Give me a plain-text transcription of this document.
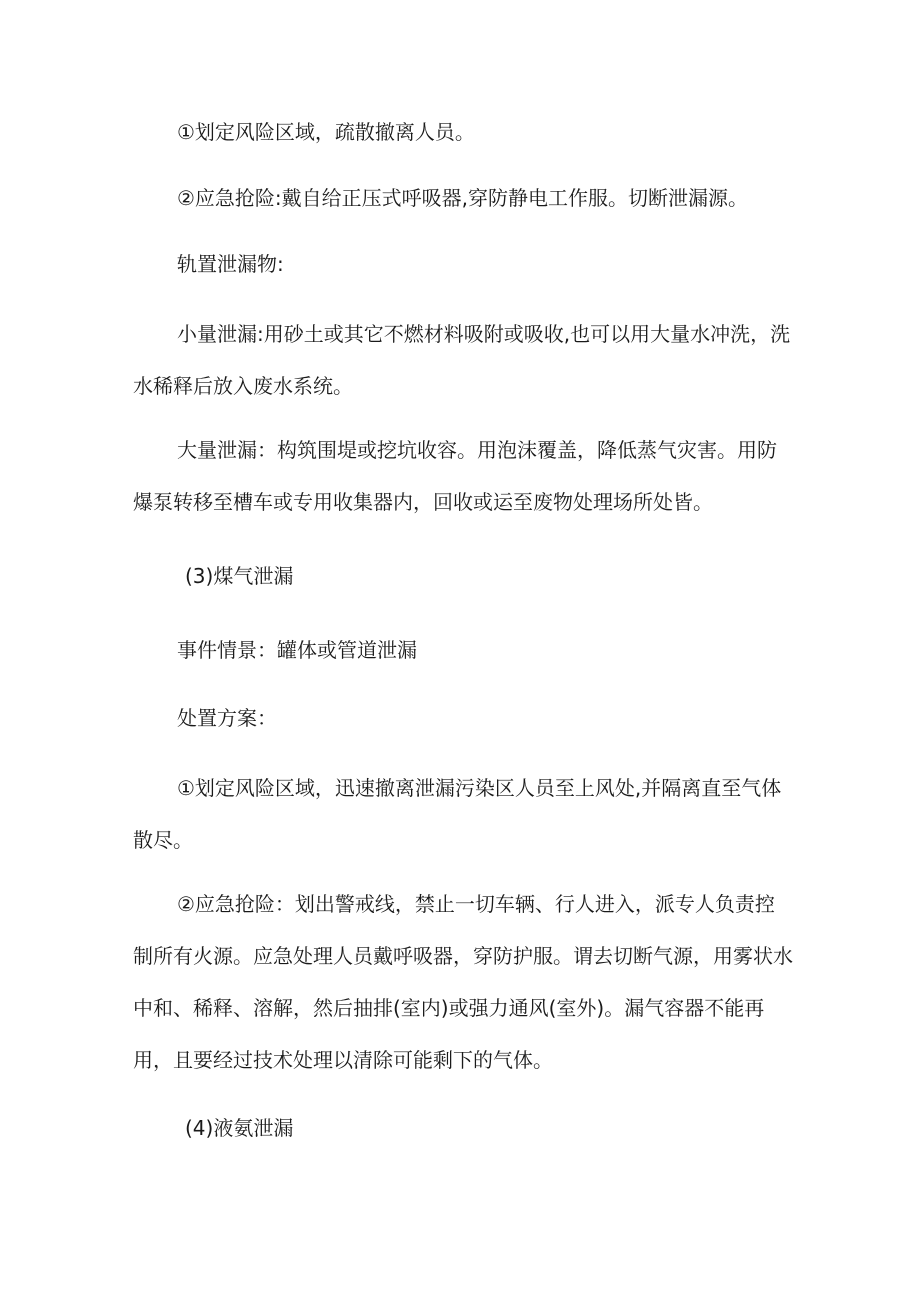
①划定风险区域，疏散撤离人员。

②应急抢险:戴自给正压式呼吸器,穿防静电工作服。切断泄漏源。

轨置泄漏物:

小量泄漏:用砂土或其它不燃材料吸附或吸收,也可以用大量水冲洗，洗水稀释后放入废水系统。

大量泄漏：构筑围堤或挖坑收容。用泡沫覆盖，降低蒸气灾害。用防爆泵转移至槽车或专用收集器内，回收或运至废物处理场所处皆。

(3)煤气泄漏

事件情景：罐体或管道泄漏

处置方案：

①划定风险区域，迅速撤离泄漏污染区人员至上风处,并隔离直至气体散尽。

②应急抢险：划出警戒线，禁止一切车辆、行人进入，派专人负责控制所有火源。应急处理人员戴呼吸器，穿防护服。谓去切断气源，用雾状水中和、稀释、溶解，然后抽排(室内)或强力通风(室外)。漏气容器不能再用，且要经过技术处理以清除可能剩下的气体。

(4)液氨泄漏
